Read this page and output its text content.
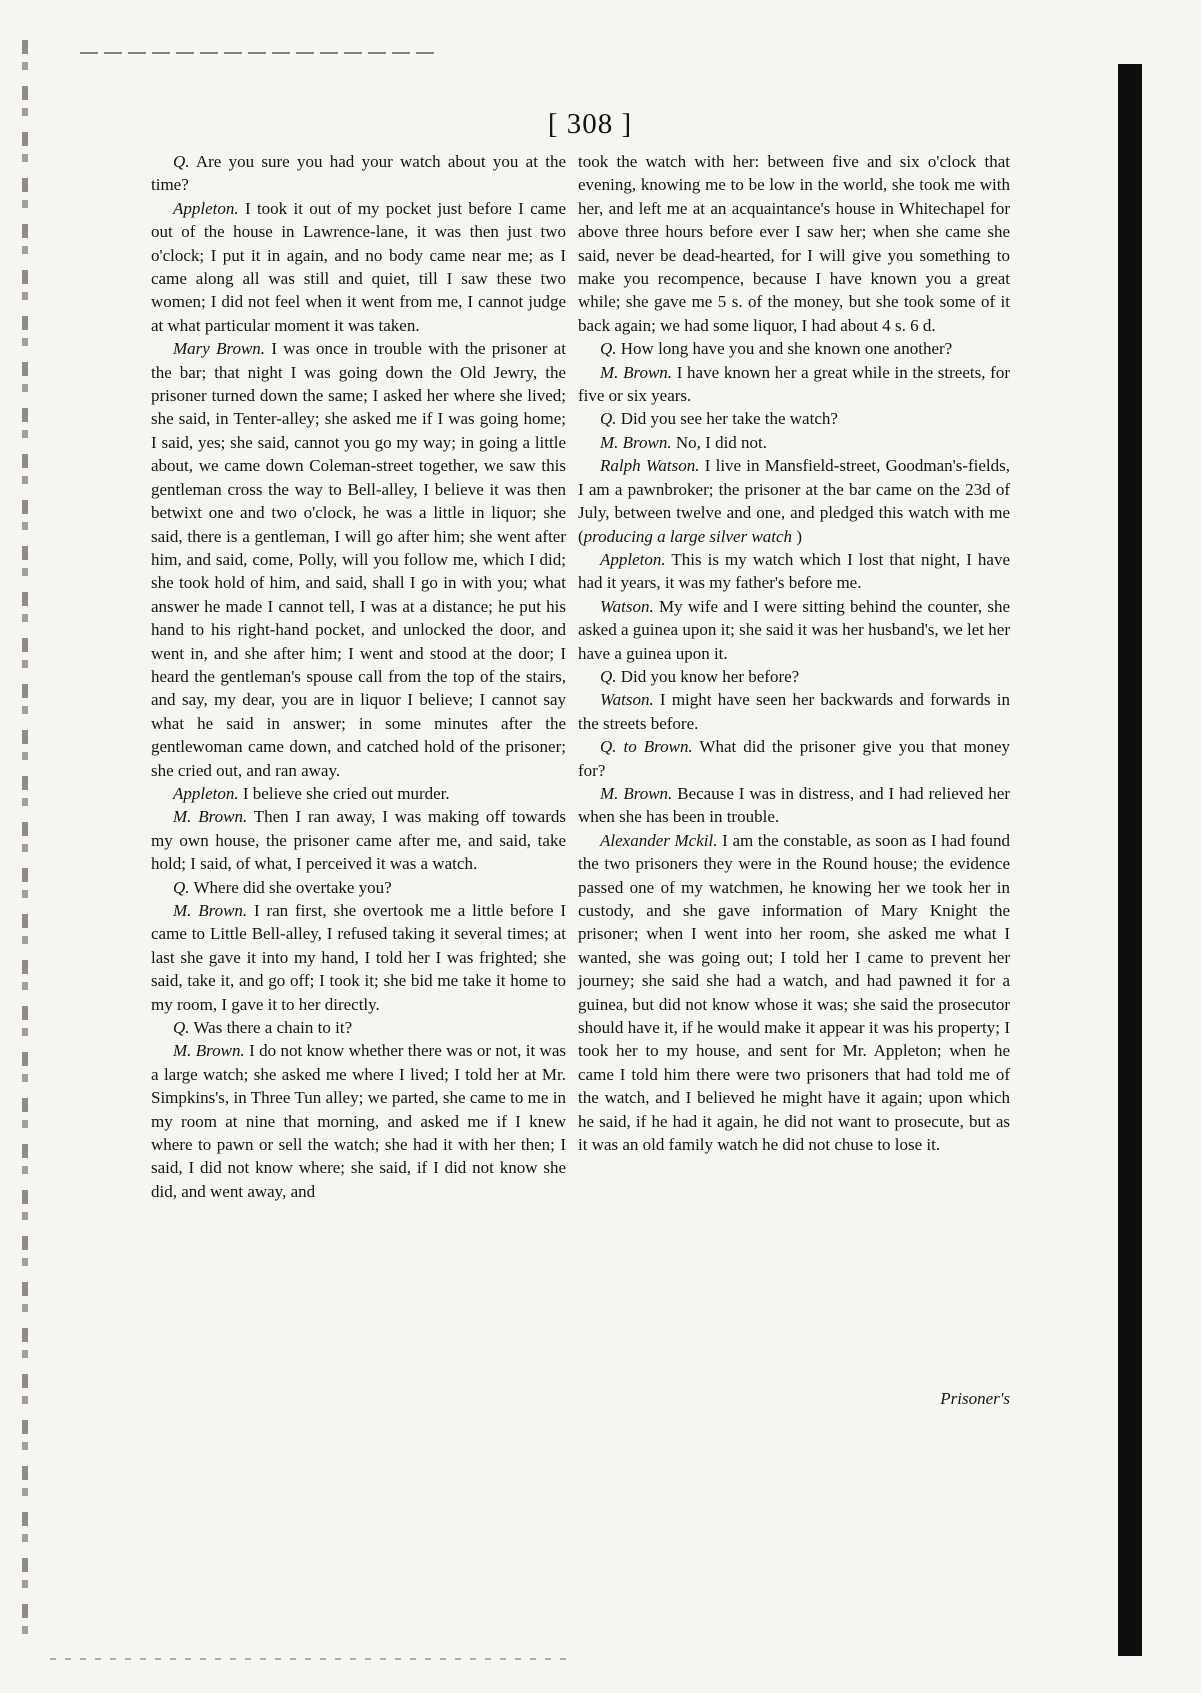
[ 308 ]

Q. Are you sure you had your watch about you at the time?

Appleton. I took it out of my pocket just before I came out of the house in Lawrence-lane, it was then just two o'clock; I put it in again, and no body came near me; as I came along all was still and quiet, till I saw these two women; I did not feel when it went from me, I cannot judge at what particular moment it was taken.

Mary Brown. I was once in trouble with the prisoner at the bar; that night I was going down the Old Jewry, the prisoner turned down the same; I asked her where she lived; she said, in Tenter-alley; she asked me if I was going home; I said, yes; she said, cannot you go my way; in going a little about, we came down Coleman-street together, we saw this gentleman cross the way to Bell-alley, I believe it was then betwixt one and two o'clock, he was a little in liquor; she said, there is a gentleman, I will go after him; she went after him, and said, come, Polly, will you follow me, which I did; she took hold of him, and said, shall I go in with you; what answer he made I cannot tell, I was at a distance; he put his hand to his right-hand pocket, and unlocked the door, and went in, and she after him; I went and stood at the door; I heard the gentleman's spouse call from the top of the stairs, and say, my dear, you are in liquor I believe; I cannot say what he said in answer; in some minutes after the gentlewoman came down, and catched hold of the prisoner; she cried out, and ran away.

Appleton. I believe she cried out murder.

M. Brown. Then I ran away, I was making off towards my own house, the prisoner came after me, and said, take hold; I said, of what, I perceived it was a watch.

Q. Where did she overtake you?

M. Brown. I ran first, she overtook me a little before I came to Little Bell-alley, I refused taking it several times; at last she gave it into my hand, I told her I was frighted; she said, take it, and go off; I took it; she bid me take it home to my room, I gave it to her directly.

Q. Was there a chain to it?

M. Brown. I do not know whether there was or not, it was a large watch; she asked me where I lived; I told her at Mr. Simpkins's, in Three Tun alley; we parted, she came to me in my room at nine that morning, and asked me if I knew where to pawn or sell the watch; she had it with her then; I said, I did not know where; she said, if I did not know she did, and went away, and

took the watch with her: between five and six o'clock that evening, knowing me to be low in the world, she took me with her, and left me at an acquaintance's house in Whitechapel for above three hours before ever I saw her; when she came she said, never be dead-hearted, for I will give you something to make you recompence, because I have known you a great while; she gave me 5 s. of the money, but she took some of it back again; we had some liquor, I had about 4 s. 6 d.

Q. How long have you and she known one another?

M. Brown. I have known her a great while in the streets, for five or six years.

Q. Did you see her take the watch?

M. Brown. No, I did not.

Ralph Watson. I live in Mansfield-street, Goodman's-fields, I am a pawnbroker; the prisoner at the bar came on the 23d of July, between twelve and one, and pledged this watch with me (producing a large silver watch )

Appleton. This is my watch which I lost that night, I have had it years, it was my father's before me.

Watson. My wife and I were sitting behind the counter, she asked a guinea upon it; she said it was her husband's, we let her have a guinea upon it.

Q. Did you know her before?

Watson. I might have seen her backwards and forwards in the streets before.

Q. to Brown. What did the prisoner give you that money for?

M. Brown. Because I was in distress, and I had relieved her when she has been in trouble.

Alexander Mckil. I am the constable, as soon as I had found the two prisoners they were in the Round house; the evidence passed one of my watchmen, he knowing her we took her in custody, and she gave information of Mary Knight the prisoner; when I went into her room, she asked me what I wanted, she was going out; I told her I came to prevent her journey; she said she had a watch, and had pawned it for a guinea, but did not know whose it was; she said the prosecutor should have it, if he would make it appear it was his property; I took her to my house, and sent for Mr. Appleton; when he came I told him there were two prisoners that had told me of the watch, and I believed he might have it again; upon which he said, if he had it again, he did not want to prosecute, but as it was an old family watch he did not chuse to lose it.

Prisoner's
